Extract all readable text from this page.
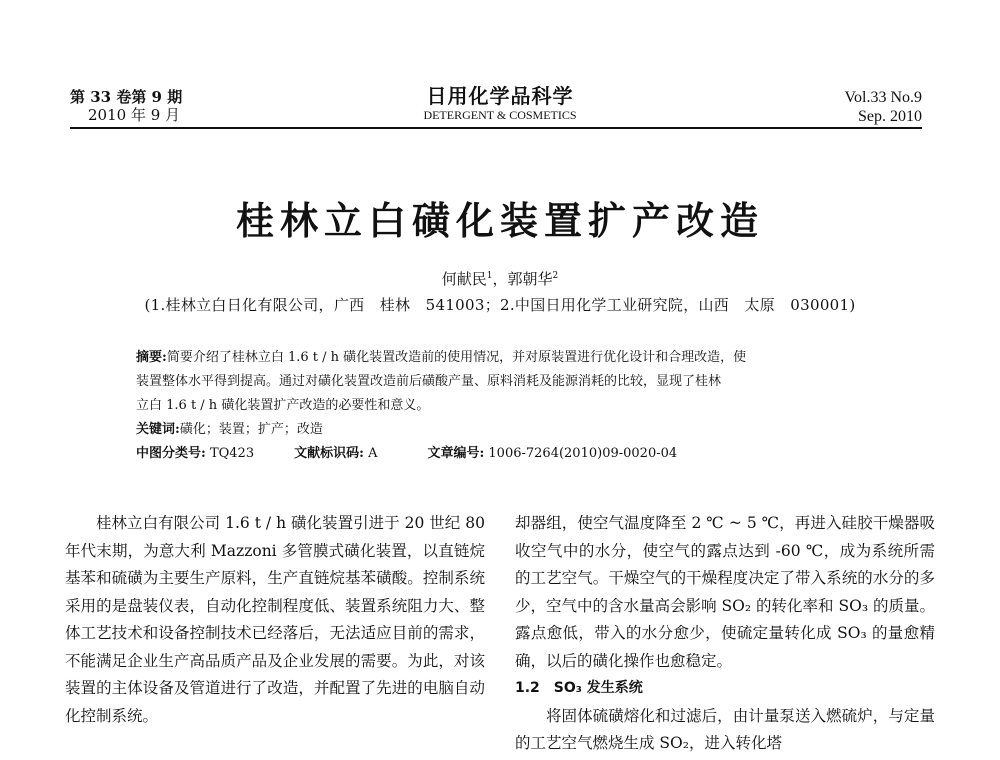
第 33 卷第 9 期
2010 年 9 月
日用化学品科学
DETERGENT & COSMETICS
Vol.33 No.9
Sep. 2010
桂林立白磺化装置扩产改造
何献民$^1$，郭朝华$^2$
(1.桂林立白日化有限公司，广西　桂林　541003；2.中国日用化学工业研究院，山西　太原　030001)
摘要:简要介绍了桂林立白 1.6 t / h 磺化装置改造前的使用情况，并对原装置进行优化设计和合理改造，使
装置整体水平得到提高。通过对磺化装置改造前后磺酸产量、原料消耗及能源消耗的比较，显现了桂林
立白 1.6 t / h 磺化装置扩产改造的必要性和意义。
关键词:磺化；装置；扩产；改造
中图分类号: TQ423	文献标识码: A	文章编号: 1006-7264(2010)09-0020-04

桂林立白有限公司 1.6 t / h 磺化装置引进于 20 世纪 80 年代末期，为意大利 Mazzoni 多管膜式磺化装置，以直链烷基苯和硫磺为主要生产原料，生产直链烷基苯磺酸。控制系统采用的是盘装仪表，自动化控制程度低、装置系统阻力大、整体工艺技术和设备控制技术已经落后，无法适应目前的需求，不能满足企业生产高品质产品及企业发展的需要。为此，对该装置的主体设备及管道进行了改造，并配置了先进的电脑自动化控制系统。

却器组，使空气温度降至 2 ℃ ~ 5 ℃，再进入硅胶干燥器吸收空气中的水分，使空气的露点达到 -60 ℃，成为系统所需的工艺空气。干燥空气的干燥程度决定了带入系统的水分的多少，空气中的含水量高会影响 SO₂ 的转化率和 SO₃ 的质量。露点愈低，带入的水分愈少，使硫定量转化成 SO₃ 的量愈精确，以后的磺化操作也愈稳定。

1.2　SO₃ 发生系统

将固体硫磺熔化和过滤后，由计量泵送入燃硫炉，与定量的工艺空气燃烧生成 SO₂，进入转化塔
